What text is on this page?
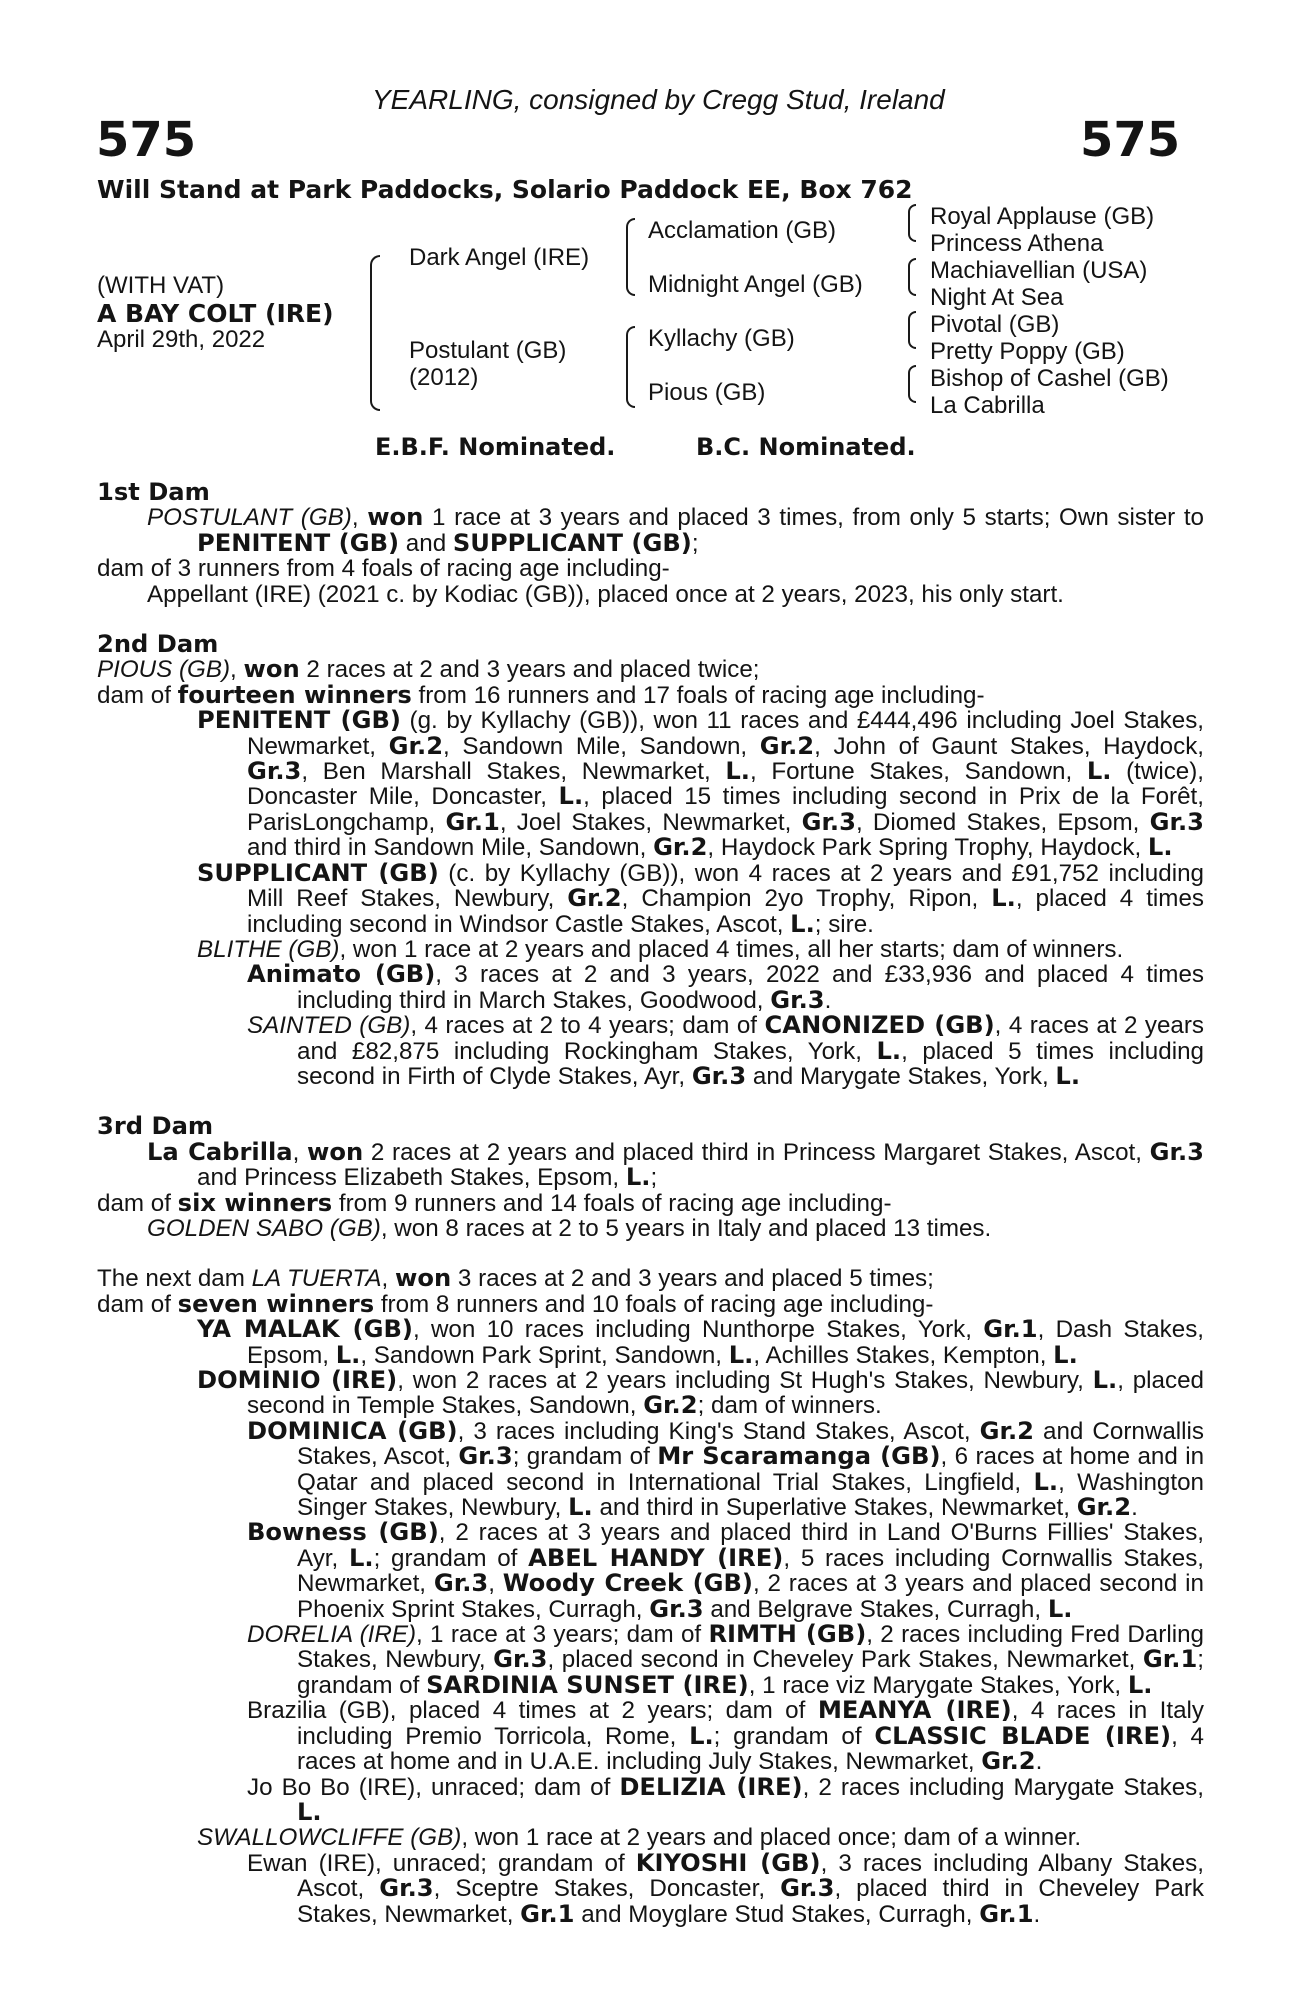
YEARLING, consigned by Cregg Stud, Ireland
575	575
Will Stand at Park Paddocks, Solario Paddock EE, Box 762
(WITH VAT)
A BAY COLT (IRE)
April 29th, 2022
Dark Angel (IRE)
Postulant (GB)
(2012)
Acclamation (GB)
Midnight Angel (GB)
Kyllachy (GB)
Pious (GB)
Royal Applause (GB)
Princess Athena
Machiavellian (USA)
Night At Sea
Pivotal (GB)
Pretty Poppy (GB)
Bishop of Cashel (GB)
La Cabrilla
E.B.F. Nominated.	B.C. Nominated.

1st Dam

POSTULANT (GB), won 1 race at 3 years and placed 3 times, from only 5 starts; Own sister to PENITENT (GB) and SUPPLICANT (GB);

dam of 3 runners from 4 foals of racing age including-

Appellant (IRE) (2021 c. by Kodiac (GB)), placed once at 2 years, 2023, his only start.

2nd Dam

PIOUS (GB), won 2 races at 2 and 3 years and placed twice;

dam of fourteen winners from 16 runners and 17 foals of racing age including-

PENITENT (GB) (g. by Kyllachy (GB)), won 11 races and £444,496 including Joel Stakes, Newmarket, Gr.2, Sandown Mile, Sandown, Gr.2, John of Gaunt Stakes, Haydock, Gr.3, Ben Marshall Stakes, Newmarket, L., Fortune Stakes, Sandown, L. (twice), Doncaster Mile, Doncaster, L., placed 15 times including second in Prix de la Forêt, ParisLongchamp, Gr.1, Joel Stakes, Newmarket, Gr.3, Diomed Stakes, Epsom, Gr.3 and third in Sandown Mile, Sandown, Gr.2, Haydock Park Spring Trophy, Haydock, L.

SUPPLICANT (GB) (c. by Kyllachy (GB)), won 4 races at 2 years and £91,752 including Mill Reef Stakes, Newbury, Gr.2, Champion 2yo Trophy, Ripon, L., placed 4 times including second in Windsor Castle Stakes, Ascot, L.; sire.

BLITHE (GB), won 1 race at 2 years and placed 4 times, all her starts; dam of winners.

Animato (GB), 3 races at 2 and 3 years, 2022 and £33,936 and placed 4 times including third in March Stakes, Goodwood, Gr.3.

SAINTED (GB), 4 races at 2 to 4 years; dam of CANONIZED (GB), 4 races at 2 years and £82,875 including Rockingham Stakes, York, L., placed 5 times including second in Firth of Clyde Stakes, Ayr, Gr.3 and Marygate Stakes, York, L.

3rd Dam

La Cabrilla, won 2 races at 2 years and placed third in Princess Margaret Stakes, Ascot, Gr.3 and Princess Elizabeth Stakes, Epsom, L.;

dam of six winners from 9 runners and 14 foals of racing age including-

GOLDEN SABO (GB), won 8 races at 2 to 5 years in Italy and placed 13 times.

The next dam LA TUERTA, won 3 races at 2 and 3 years and placed 5 times;

dam of seven winners from 8 runners and 10 foals of racing age including-

YA MALAK (GB), won 10 races including Nunthorpe Stakes, York, Gr.1, Dash Stakes, Epsom, L., Sandown Park Sprint, Sandown, L., Achilles Stakes, Kempton, L.

DOMINIO (IRE), won 2 races at 2 years including St Hugh's Stakes, Newbury, L., placed second in Temple Stakes, Sandown, Gr.2; dam of winners.

DOMINICA (GB), 3 races including King's Stand Stakes, Ascot, Gr.2 and Cornwallis Stakes, Ascot, Gr.3; grandam of Mr Scaramanga (GB), 6 races at home and in Qatar and placed second in International Trial Stakes, Lingfield, L., Washington Singer Stakes, Newbury, L. and third in Superlative Stakes, Newmarket, Gr.2.

Bowness (GB), 2 races at 3 years and placed third in Land O'Burns Fillies' Stakes, Ayr, L.; grandam of ABEL HANDY (IRE), 5 races including Cornwallis Stakes, Newmarket, Gr.3, Woody Creek (GB), 2 races at 3 years and placed second in Phoenix Sprint Stakes, Curragh, Gr.3 and Belgrave Stakes, Curragh, L.

DORELIA (IRE), 1 race at 3 years; dam of RIMTH (GB), 2 races including Fred Darling Stakes, Newbury, Gr.3, placed second in Cheveley Park Stakes, Newmarket, Gr.1; grandam of SARDINIA SUNSET (IRE), 1 race viz Marygate Stakes, York, L.

Brazilia (GB), placed 4 times at 2 years; dam of MEANYA (IRE), 4 races in Italy including Premio Torricola, Rome, L.; grandam of CLASSIC BLADE (IRE), 4 races at home and in U.A.E. including July Stakes, Newmarket, Gr.2.

Jo Bo Bo (IRE), unraced; dam of DELIZIA (IRE), 2 races including Marygate Stakes, L.

SWALLOWCLIFFE (GB), won 1 race at 2 years and placed once; dam of a winner.

Ewan (IRE), unraced; grandam of KIYOSHI (GB), 3 races including Albany Stakes, Ascot, Gr.3, Sceptre Stakes, Doncaster, Gr.3, placed third in Cheveley Park Stakes, Newmarket, Gr.1 and Moyglare Stud Stakes, Curragh, Gr.1.
